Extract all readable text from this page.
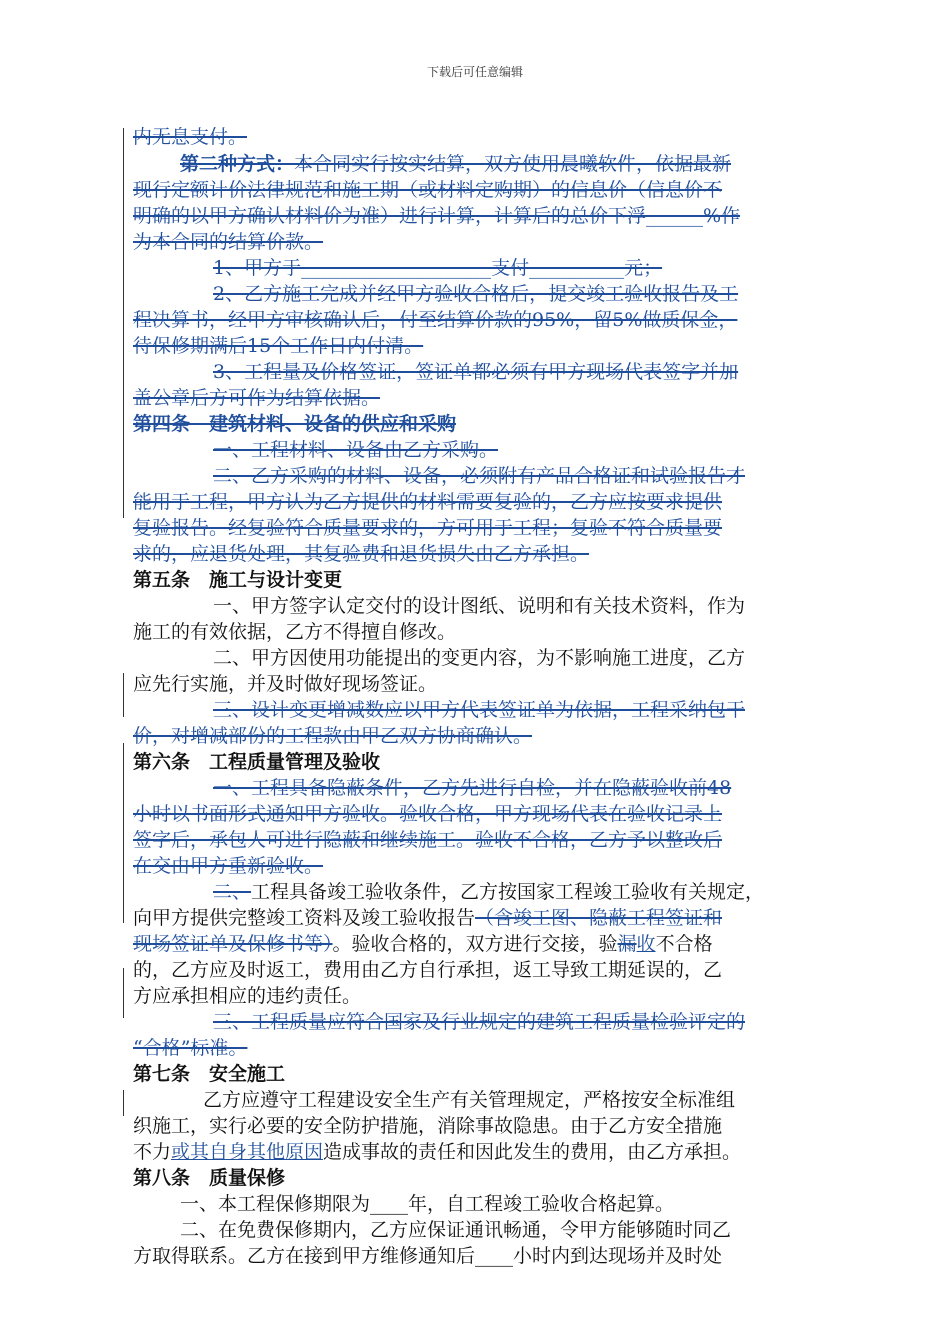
下载后可任意编辑

内无息支付。

第二种方式：本合同实行按实结算，双方使用晨曦软件，依据最新

现行定额计价法律规范和施工期（或材料定购期）的信息价（信息价不

明确的以甲方确认材料价为准）进行计算，计算后的总价下浮______%作

为本合同的结算价款。

1、甲方于____________________支付__________元；

2、乙方施工完成并经甲方验收合格后，提交竣工验收报告及工

程决算书，经甲方审核确认后，付至结算价款的95%，留5%做质保金，

待保修期满后15个工作日内付清。

3、工程量及价格签证，签证单都必须有甲方现场代表签字并加

盖公章后方可作为结算依据。

第四条　建筑材料、设备的供应和采购

一、工程材料、设备由乙方采购。

二、乙方采购的材料、设备，必须附有产品合格证和试验报告才

能用于工程，甲方认为乙方提供的材料需要复验的，乙方应按要求提供

复验报告。经复验符合质量要求的，方可用于工程；复验不符合质量要

求的，应退货处理，其复验费和退货损失由乙方承担。

第五条　施工与设计变更

一、甲方签字认定交付的设计图纸、说明和有关技术资料，作为

施工的有效依据，乙方不得擅自修改。

二、甲方因使用功能提出的变更内容，为不影响施工进度，乙方

应先行实施，并及时做好现场签证。

三、设计变更增减数应以甲方代表签证单为依据，工程采纳包干

价，对增减部份的工程款由甲乙双方协商确认。

第六条　工程质量管理及验收

一、工程具备隐蔽条件，乙方先进行自检，并在隐蔽验收前48

小时以书面形式通知甲方验收。验收合格，甲方现场代表在验收记录上

签字后，承包人可进行隐蔽和继续施工。验收不合格，乙方予以整改后

在交由甲方重新验收。

二、工程具备竣工验收条件，乙方按国家工程竣工验收有关规定，

向甲方提供完整竣工资料及竣工验收报告（含竣工图、隐蔽工程签证和

现场签证单及保修书等）。验收合格的，双方进行交接，验漏收不合格

的，乙方应及时返工，费用由乙方自行承担，返工导致工期延误的，乙

方应承担相应的违约责任。

三、工程质量应符合国家及行业规定的建筑工程质量检验评定的

“合格”标准。

第七条　安全施工

乙方应遵守工程建设安全生产有关管理规定，严格按安全标准组

织施工，实行必要的安全防护措施，消除事故隐患。由于乙方安全措施

不力或其自身其他原因造成事故的责任和因此发生的费用，由乙方承担。

第八条　质量保修

一、本工程保修期限为____年，自工程竣工验收合格起算。

二、在免费保修期内，乙方应保证通讯畅通，令甲方能够随时同乙

方取得联系。乙方在接到甲方维修通知后____小时内到达现场并及时处
